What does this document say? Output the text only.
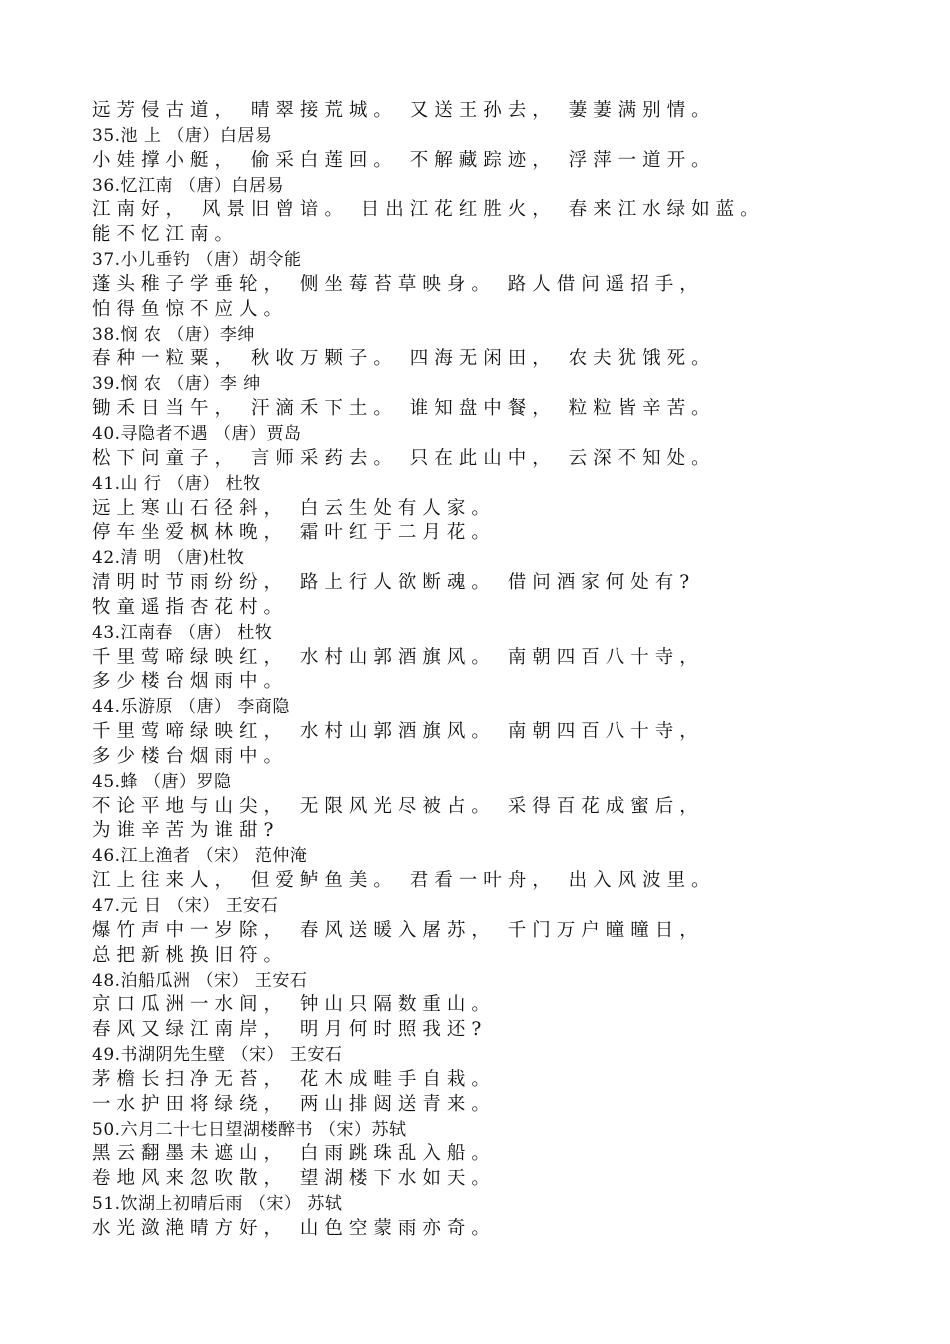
远芳侵古道， 晴翠接荒城。 又送王孙去， 萋萋满别情。
35.池 上 （唐）白居易
小娃撑小艇， 偷采白莲回。 不解藏踪迹， 浮萍一道开。
36.忆江南 （唐）白居易
江南好， 风景旧曾谙。 日出江花红胜火， 春来江水绿如蓝。
能不忆江南。
37.小儿垂钓 （唐）胡令能
蓬头稚子学垂轮， 侧坐莓苔草映身。 路人借问遥招手，
怕得鱼惊不应人。
38.悯 农 （唐）李绅
春种一粒粟， 秋收万颗子。 四海无闲田， 农夫犹饿死。
39.悯 农 （唐）李 绅
锄禾日当午， 汗滴禾下土。 谁知盘中餐， 粒粒皆辛苦。
40.寻隐者不遇 （唐）贾岛
松下问童子， 言师采药去。 只在此山中， 云深不知处。
41.山 行 （唐） 杜牧
远上寒山石径斜， 白云生处有人家。
停车坐爱枫林晚， 霜叶红于二月花。
42.清 明 （唐)杜牧
清明时节雨纷纷， 路上行人欲断魂。 借问酒家何处有?
牧童遥指杏花村。
43.江南春 （唐） 杜牧
千里莺啼绿映红， 水村山郭酒旗风。 南朝四百八十寺，
多少楼台烟雨中。
44.乐游原 （唐） 李商隐
千里莺啼绿映红， 水村山郭酒旗风。 南朝四百八十寺，
多少楼台烟雨中。
45.蜂 （唐）罗隐
不论平地与山尖， 无限风光尽被占。 采得百花成蜜后，
为谁辛苦为谁甜?
46.江上渔者 （宋） 范仲淹
江上往来人， 但爱鲈鱼美。 君看一叶舟， 出入风波里。
47.元 日 （宋） 王安石
爆竹声中一岁除， 春风送暖入屠苏， 千门万户曈曈日，
总把新桃换旧符。
48.泊船瓜洲 （宋） 王安石
京口瓜洲一水间， 钟山只隔数重山。
春风又绿江南岸， 明月何时照我还?
49.书湖阴先生壁 （宋） 王安石
茅檐长扫净无苔， 花木成畦手自栽。
一水护田将绿绕， 两山排闼送青来。
50.六月二十七日望湖楼醉书 （宋）苏轼
黑云翻墨未遮山， 白雨跳珠乱入船。
卷地风来忽吹散， 望湖楼下水如天。
51.饮湖上初晴后雨 （宋） 苏轼
水光潋滟晴方好， 山色空蒙雨亦奇。
